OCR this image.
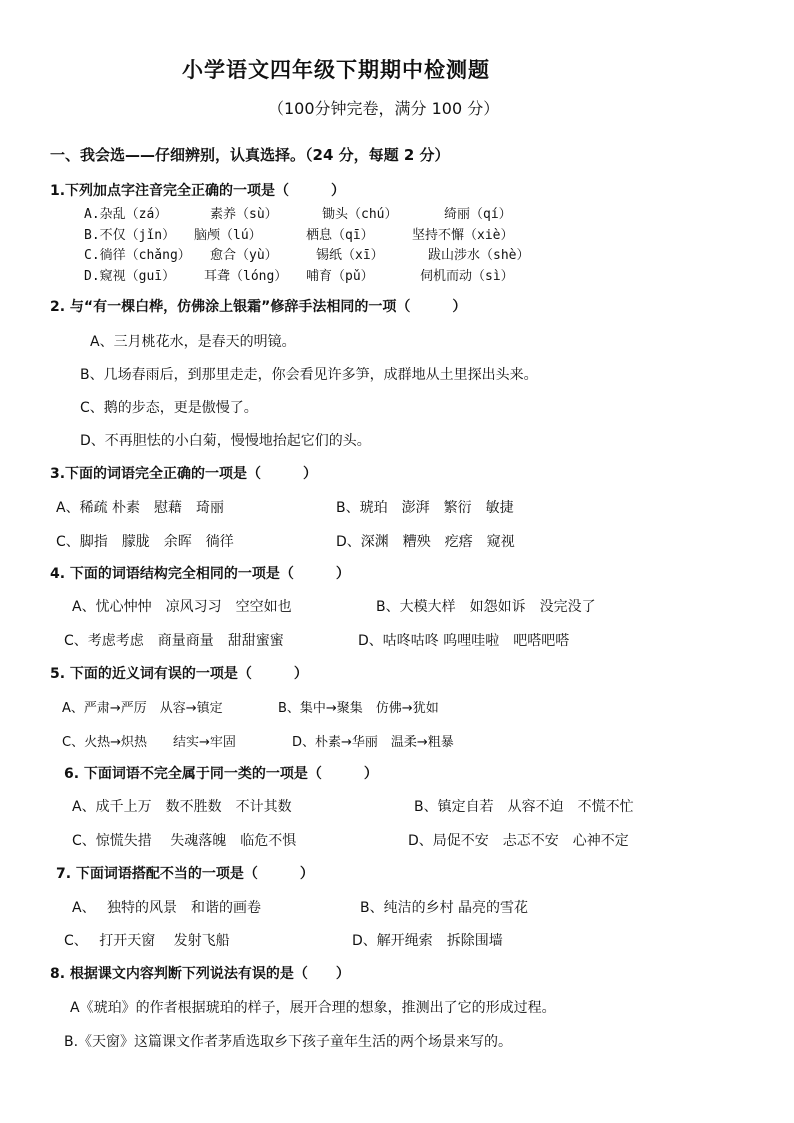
小学语文四年级下期期中检测题
（100分钟完卷，满分 100 分）
一、我会选——仔细辨别，认真选择。（24 分，每题 2 分）
1.下列加点字注音完全正确的一项是（　　　）
A.杂乱（zá）	素养（sù）	锄头（chú）	绮丽（qí）
B.不仅（jǐn） 脑颅（lú）	栖息（qī）	坚持不懈（xiè）
C.徜徉（chǎng） 愈合（yù）	锡纸（xī）	跋山涉水（shè）
D.窥视（guī） 耳聋（lóng） 哺育（pǔ）	伺机而动（sì）
2. 与“有一棵白桦，仿佛涂上银霜”修辞手法相同的一项（　　　）
A、三月桃花水，是春天的明镜。
B、几场春雨后，到那里走走，你会看见许多笋，成群地从土里探出头来。
C、鹅的步态，更是傲慢了。
D、不再胆怯的小白菊，慢慢地抬起它们的头。
3.下面的词语完全正确的一项是（　　　）
A、稀疏 朴素　慰藉　琦丽	B、琥珀　澎湃　繁衍　敏捷
C、脚指　朦胧　余晖　徜徉	D、深渊　糟殃　疙瘩　窥视
4. 下面的词语结构完全相同的一项是（　　　）
A、忧心忡忡　凉风习习　空空如也	B、大模大样　如怨如诉　没完没了
C、考虑考虑　商量商量　甜甜蜜蜜	D、咕咚咕咚 呜哩哇啦　吧嗒吧嗒
5. 下面的近义词有误的一项是（　　　）
A、严肃→严厉　从容→镇定	B、集中→聚集　仿佛→犹如
C、火热→炽热　　结实→牢固	D、朴素→华丽　温柔→粗暴
6. 下面词语不完全属于同一类的一项是（　　　）
A、成千上万　数不胜数　不计其数	B、镇定自若　从容不迫　不慌不忙
C、惊慌失措　 失魂落魄　临危不惧	D、局促不安　忐忑不安　心神不定
7. 下面词语搭配不当的一项是（　　　）
A、　 独特的风景　和谐的画卷	B、纯洁的乡村 晶亮的雪花
C、　 打开天窗　 发射飞船	D、解开绳索　拆除围墙
8. 根据课文内容判断下列说法有误的是（　　）
A《琥珀》的作者根据琥珀的样子，展开合理的想象，推测出了它的形成过程。
B.《天窗》这篇课文作者茅盾选取乡下孩子童年生活的两个场景来写的。
